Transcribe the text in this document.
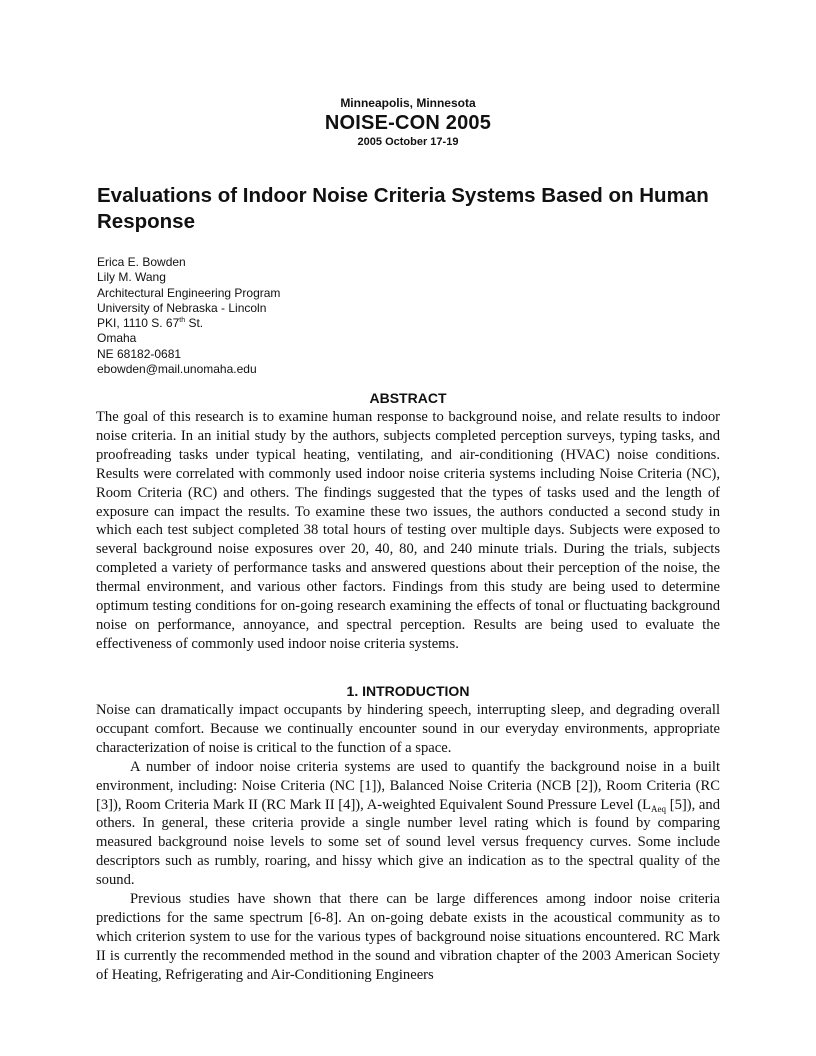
Minneapolis, Minnesota
NOISE-CON 2005
2005 October 17-19
Evaluations of Indoor Noise Criteria Systems Based on Human Response
Erica E. Bowden
Lily M. Wang
Architectural Engineering Program
University of Nebraska - Lincoln
PKI, 1110 S. 67th St.
Omaha
NE 68182-0681
ebowden@mail.unomaha.edu
ABSTRACT

The goal of this research is to examine human response to background noise, and relate results to indoor noise criteria. In an initial study by the authors, subjects completed perception surveys, typing tasks, and proofreading tasks under typical heating, ventilating, and air-conditioning (HVAC) noise conditions. Results were correlated with commonly used indoor noise criteria systems including Noise Criteria (NC), Room Criteria (RC) and others. The findings suggested that the types of tasks used and the length of exposure can impact the results. To examine these two issues, the authors conducted a second study in which each test subject completed 38 total hours of testing over multiple days. Subjects were exposed to several background noise exposures over 20, 40, 80, and 240 minute trials. During the trials, subjects completed a variety of performance tasks and answered questions about their perception of the noise, the thermal environment, and various other factors. Findings from this study are being used to determine optimum testing conditions for on-going research examining the effects of tonal or fluctuating background noise on performance, annoyance, and spectral perception. Results are being used to evaluate the effectiveness of commonly used indoor noise criteria systems.

1. INTRODUCTION

Noise can dramatically impact occupants by hindering speech, interrupting sleep, and degrading overall occupant comfort. Because we continually encounter sound in our everyday environments, appropriate characterization of noise is critical to the function of a space.

A number of indoor noise criteria systems are used to quantify the background noise in a built environment, including: Noise Criteria (NC [1]), Balanced Noise Criteria (NCB [2]), Room Criteria (RC [3]), Room Criteria Mark II (RC Mark II [4]), A-weighted Equivalent Sound Pressure Level ($L_{Aeq}$ [5]), and others. In general, these criteria provide a single number level rating which is found by comparing measured background noise levels to some set of sound level versus frequency curves. Some include descriptors such as rumbly, roaring, and hissy which give an indication as to the spectral quality of the sound.

Previous studies have shown that there can be large differences among indoor noise criteria predictions for the same spectrum [6-8]. An on-going debate exists in the acoustical community as to which criterion system to use for the various types of background noise situations encountered. RC Mark II is currently the recommended method in the sound and vibration chapter of the 2003 American Society of Heating, Refrigerating and Air-Conditioning Engineers
